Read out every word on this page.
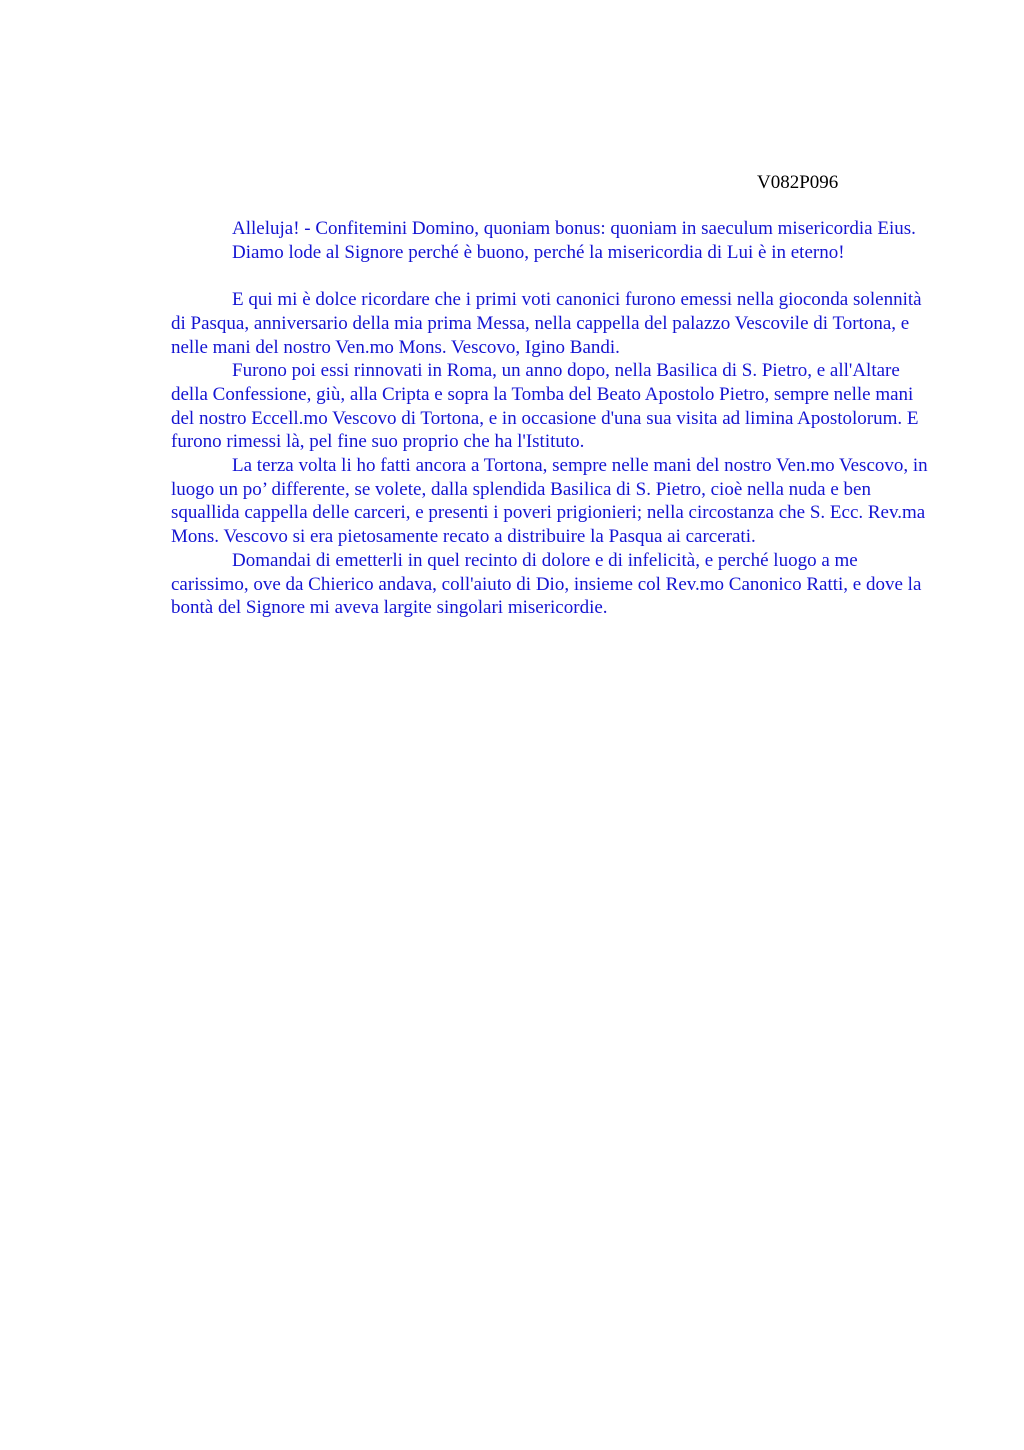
V082P096

Alleluja! - Confitemini Domino, quoniam bonus: quoniam in saeculum misericordia Eius.

Diamo lode al Signore perché è buono, perché la misericordia di Lui è in eterno!

E qui mi è dolce ricordare che i primi voti canonici furono emessi nella gioconda solennità di Pasqua, anniversario della mia prima Messa, nella cappella del palazzo Vescovile di Tortona, e nelle mani del nostro Ven.mo Mons. Vescovo, Igino Bandi.

Furono poi essi rinnovati in Roma, un anno dopo, nella Basilica di S. Pietro, e all'Altare della Confessione, giù, alla Cripta e sopra la Tomba del Beato Apostolo Pietro, sempre nelle mani del nostro Eccell.mo Vescovo di Tortona, e in occasione d'una sua visita ad limina Apostolorum. E furono rimessi là, pel fine suo proprio che ha l'Istituto.

La terza volta li ho fatti ancora a Tortona, sempre nelle mani del nostro Ven.mo Vescovo, in luogo un po’ differente, se volete, dalla splendida Basilica di S. Pietro, cioè nella nuda e ben squallida cappella delle carceri, e presenti i poveri prigionieri; nella circostanza che S. Ecc. Rev.ma Mons. Vescovo si era pietosamente recato a distribuire la Pasqua ai carcerati.

Domandai di emetterli in quel recinto di dolore e di infelicità, e perché luogo a me carissimo, ove da Chierico andava, coll'aiuto di Dio, insieme col Rev.mo Canonico Ratti, e dove la bontà del Signore mi aveva largite singolari misericordie.
